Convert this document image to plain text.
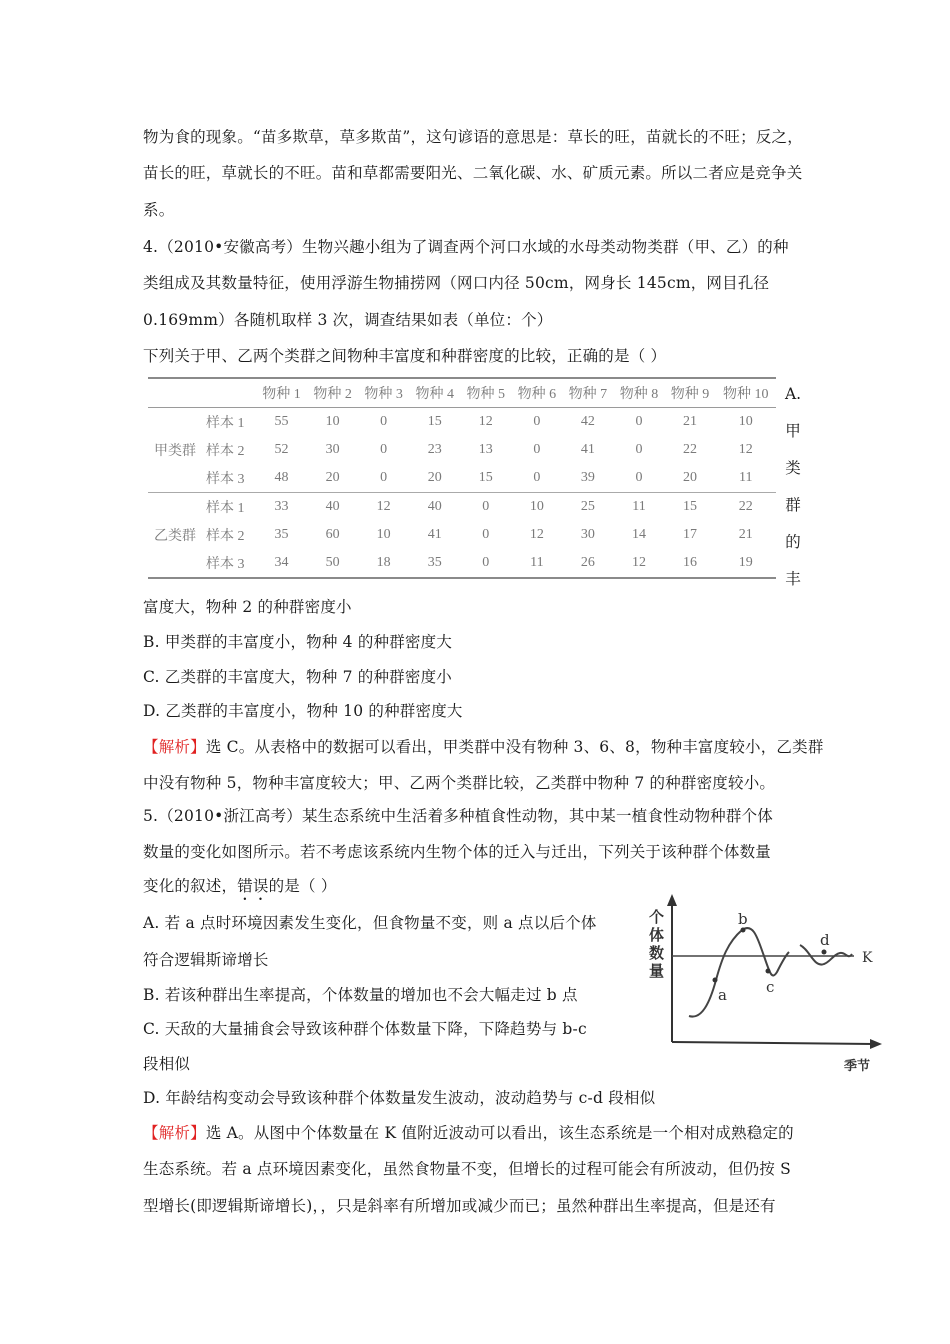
物为食的现象。“苗多欺草，草多欺苗”，这句谚语的意思是：草长的旺，苗就长的不旺；反之，
苗长的旺，草就长的不旺。苗和草都需要阳光、二氧化碳、水、矿质元素。所以二者应是竞争关
系。
4.（2010•安徽高考）生物兴趣小组为了调查两个河口水域的水母类动物类群（甲、乙）的种
类组成及其数量特征，使用浮游生物捕捞网（网口内径 50cm，网身长 145cm，网目孔径
0.169mm）各随机取样 3 次，调查结果如表（单位：个）
下列关于甲、乙两个类群之间物种丰富度和种群密度的比较，正确的是（ ）
		物种 1	物种 2	物种 3	物种 4	物种 5	物种 6	物种 7	物种 8	物种 9	物种 10
	样本 1	55	10	0	15	12	0	42	0	21	10
甲类群	样本 2	52	30	0	23	13	0	41	0	22	12
	样本 3	48	20	0	20	15	0	39	0	20	11
	样本 1	33	40	12	40	0	10	25	11	15	22
乙类群	样本 2	35	60	10	41	0	12	30	14	17	21
	样本 3	34	50	18	35	0	11	26	12	16	19
A.
甲
类
群
的
丰
富度大，物种 2 的种群密度小
B. 甲类群的丰富度小，物种 4 的种群密度大
C. 乙类群的丰富度大，物种 7 的种群密度小
D. 乙类群的丰富度小，物种 10 的种群密度大
【解析】选 C。从表格中的数据可以看出，甲类群中没有物种 3、6、8，物种丰富度较小，乙类群
中没有物种 5，物种丰富度较大；甲、乙两个类群比较，乙类群中物种 7 的种群密度较小。
5.（2010•浙江高考）某生态系统中生活着多种植食性动物，其中某一植食性动物种群个体
数量的变化如图所示。若不考虑该系统内生物个体的迁入与迁出，下列关于该种群个体数量
变化的叙述，错误的是（ ）
A. 若 a 点时环境因素发生变化，但食物量不变，则 a 点以后个体
符合逻辑斯谛增长
B. 若该种群出生率提高，个体数量的增加也不会大幅走过 b 点
C. 天敌的大量捕食会导致该种群个体数量下降，下降趋势与 b-c
段相似
D. 年龄结构变动会导致该种群个体数量发生波动，波动趋势与 c-d 段相似
【解析】选 A。从图中个体数量在 K 值附近波动可以看出，该生态系统是一个相对成熟稳定的
生态系统。若 a 点环境因素变化，虽然食物量不变，但增长的过程可能会有所波动，但仍按 S
型增长(即逻辑斯谛增长)，，只是斜率有所增加或减少而已；虽然种群出生率提高，但是还有
K
a
b
c
d
个
体
数
量
季节
